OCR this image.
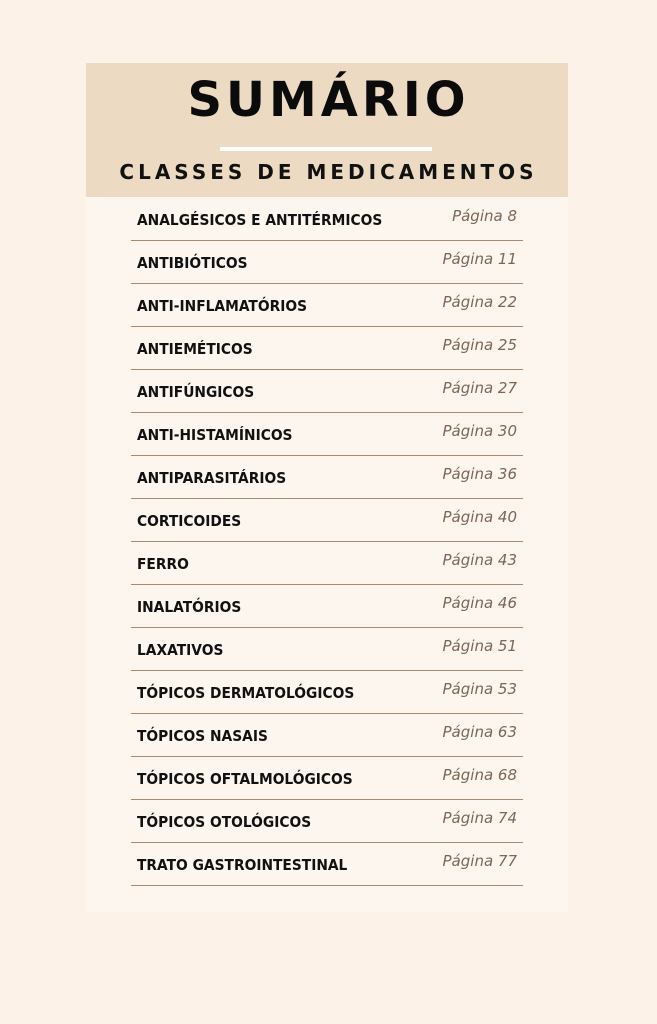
SUMÁRIO
CLASSES DE MEDICAMENTOS
ANALGÉSICOS E ANTITÉRMICOS	Página 8
ANTIBIÓTICOS	Página 11
ANTI-INFLAMATÓRIOS	Página 22
ANTIEMÉTICOS	Página 25
ANTIFÚNGICOS	Página 27
ANTI-HISTAMÍNICOS	Página 30
ANTIPARASITÁRIOS	Página 36
CORTICOIDES	Página 40
FERRO	Página 43
INALATÓRIOS	Página 46
LAXATIVOS	Página 51
TÓPICOS DERMATOLÓGICOS	Página 53
TÓPICOS NASAIS	Página 63
TÓPICOS OFTALMOLÓGICOS	Página 68
TÓPICOS OTOLÓGICOS	Página 74
TRATO GASTROINTESTINAL	Página 77
